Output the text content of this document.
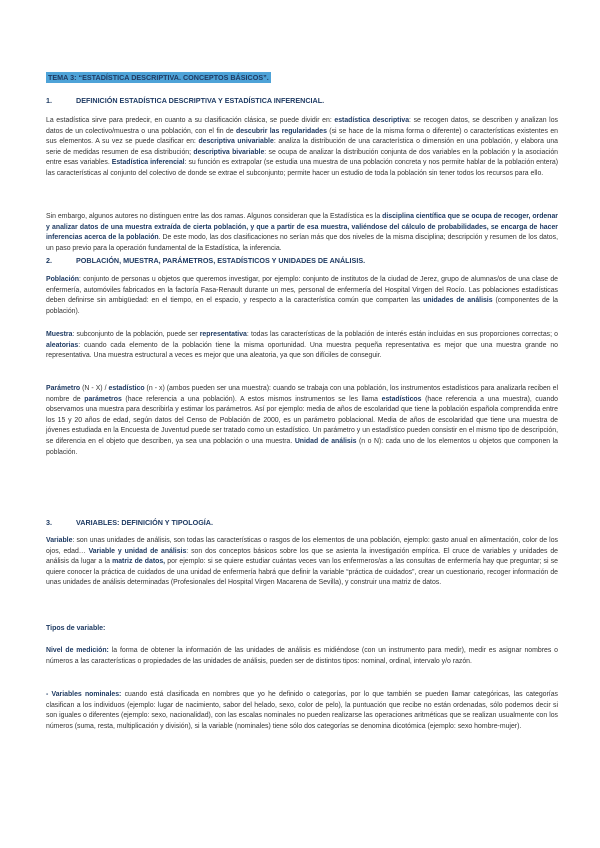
TEMA 3: “ESTADÍSTICA DESCRIPTIVA. CONCEPTOS BÁSICOS”.
1.	DEFINICIÓN ESTADÍSTICA DESCRIPTIVA Y ESTADÍSTICA INFERENCIAL.
La estadística sirve para predecir, en cuanto a su clasificación clásica, se puede dividir en: estadística descriptiva: se recogen datos, se describen y analizan los datos de un colectivo/muestra o una población, con el fin de descubrir las regularidades (si se hace de la misma forma o diferente) o características existentes en sus elementos. A su vez se puede clasificar en: descriptiva univariable: analiza la distribución de una característica o dimensión en una población, y elabora una serie de medidas resumen de esa distribución; descriptiva bivariable: se ocupa de analizar la distribución conjunta de dos variables en la población y la asociación entre esas variables. Estadística inferencial: su función es extrapolar (se estudia una muestra de una población concreta y nos permite hablar de la población entera) las características al conjunto del colectivo de donde se extrae el subconjunto; permite hacer un estudio de toda la población sin tener todos los recursos para ello.
Sin embargo, algunos autores no distinguen entre las dos ramas. Algunos consideran que la Estadística es la disciplina científica que se ocupa de recoger, ordenar y analizar datos de una muestra extraída de cierta población, y que a partir de esa muestra, valiéndose del cálculo de probabilidades, se encarga de hacer inferencias acerca de la población. De este modo, las dos clasificaciones no serían más que dos niveles de la misma disciplina; descripción y resumen de los datos, un paso previo para la operación fundamental de la Estadística, la inferencia.
2.	POBLACIÓN, MUESTRA, PARÁMETROS, ESTADÍSTICOS Y UNIDADES DE ANÁLISIS.
Población: conjunto de personas u objetos que queremos investigar, por ejemplo: conjunto de institutos de la ciudad de Jerez, grupo de alumnas/os de una clase de enfermería, automóviles fabricados en la factoría Fasa-Renault durante un mes, personal de enfermería del Hospital Virgen del Rocío. Las poblaciones estadísticas deben definirse sin ambigüedad: en el tiempo, en el espacio, y respecto a la característica común que comparten las unidades de análisis (componentes de la población).
Muestra: subconjunto de la población, puede ser representativa: todas las características de la población de interés están incluidas en sus proporciones correctas; o aleatorias: cuando cada elemento de la población tiene la misma oportunidad. Una muestra pequeña representativa es mejor que una muestra grande no representativa. Una muestra estructural a veces es mejor que una aleatoria, ya que son difíciles de conseguir.
Parámetro (N - X) / estadístico (n - x) (ambos pueden ser una muestra): cuando se trabaja con una población, los instrumentos estadísticos para analizarla reciben el nombre de parámetros (hace referencia a una población). A estos mismos instrumentos se les llama estadísticos (hace referencia a una muestra), cuando observamos una muestra para describirla y estimar los parámetros. Así por ejemplo: media de años de escolaridad que tiene la población española comprendida entre los 15 y 20 años de edad, según datos del Censo de Población de 2000, es un parámetro poblacional. Media de años de escolaridad que tiene una muestra de jóvenes estudiada en la Encuesta de Juventud puede ser tratado como un estadístico. Un parámetro y un estadístico pueden consistir en el mismo tipo de descripción, se diferencia en el objeto que describen, ya sea una población o una muestra. Unidad de análisis (n o N): cada uno de los elementos u objetos que componen la población.
3.	VARIABLES: DEFINICIÓN Y TIPOLOGÍA.
Variable: son unas unidades de análisis, son todas las características o rasgos de los elementos de una población, ejemplo: gasto anual en alimentación, color de los ojos, edad… Variable y unidad de análisis: son dos conceptos básicos sobre los que se asienta la investigación empírica. El cruce de variables y unidades de análisis da lugar a la matriz de datos, por ejemplo: si se quiere estudiar cuántas veces van los enfermeros/as a las consultas de enfermería hay que preguntar; si se quiere conocer la práctica de cuidados de una unidad de enfermería habrá que definir la variable “práctica de cuidados”, crear un cuestionario, recoger información de unas unidades de análisis determinadas (Profesionales del Hospital Virgen Macarena de Sevilla), y construir una matriz de datos.
Tipos de variable:
Nivel de medición: la forma de obtener la información de las unidades de análisis es midiéndose (con un instrumento para medir), medir es asignar nombres o números a las características o propiedades de las unidades de análisis, pueden ser de distintos tipos: nominal, ordinal, intervalo y/o razón.
- Variables nominales: cuando está clasificada en nombres que yo he definido o categorías, por lo que también se pueden llamar categóricas, las categorías clasifican a los individuos (ejemplo: lugar de nacimiento, sabor del helado, sexo, color de pelo), la puntuación que recibe no están ordenadas, sólo podemos decir si son iguales o diferentes (ejemplo: sexo, nacionalidad), con las escalas nominales no pueden realizarse las operaciones aritméticas que se realizan usualmente con los números (suma, resta, multiplicación y división), si la variable (nominales) tiene sólo dos categorías se denomina dicotómica (ejemplo: sexo hombre-mujer).
